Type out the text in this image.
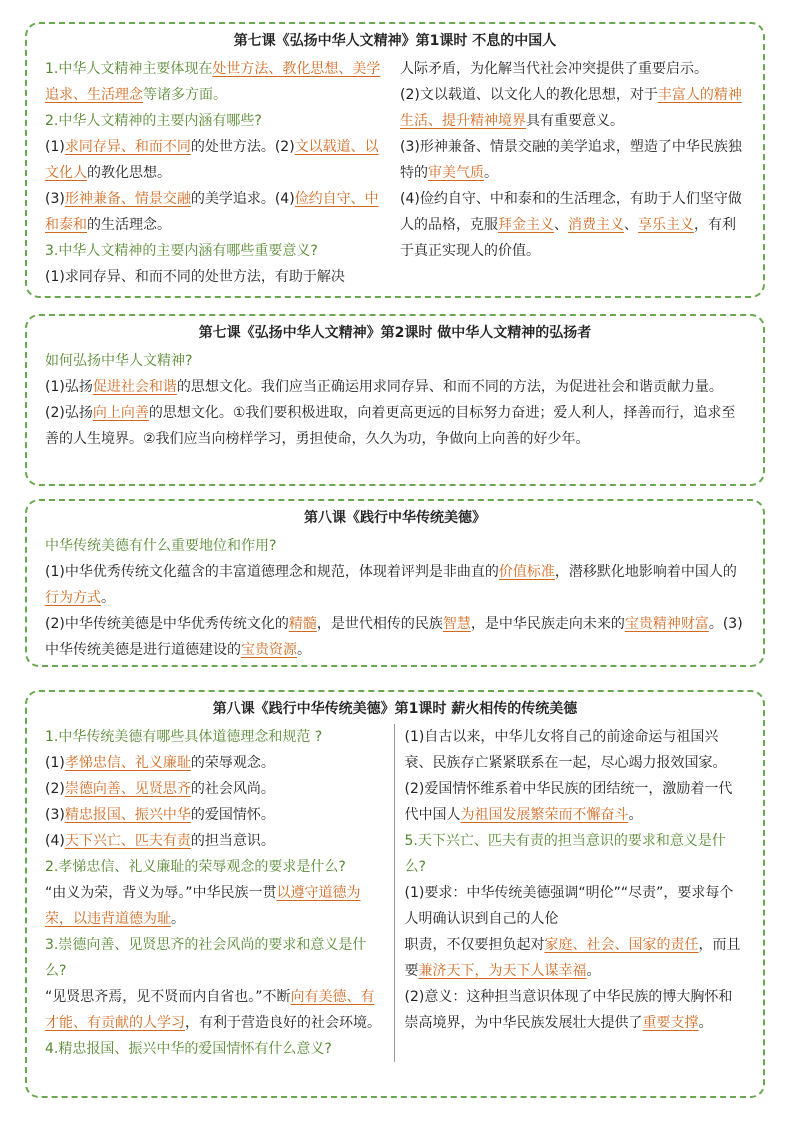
第七课《弘扬中华人文精神》第1课时 不息的中国人

1.中华人文精神主要体现在处世方法、教化思想、美学追求、生活理念等诸多方面。

2.中华人文精神的主要内涵有哪些?

(1)求同存异、和而不同的处世方法。(2)文以载道、以文化人的教化思想。

(3)形神兼备、情景交融的美学追求。(4)俭约自守、中和泰和的生活理念。

3.中华人文精神的主要内涵有哪些重要意义?

(1)求同存异、和而不同的处世方法，有助于解决

人际矛盾，为化解当代社会冲突提供了重要启示。

(2)文以载道、以文化人的教化思想，对于丰富人的精神生活、提升精神境界具有重要意义。

(3)形神兼备、情景交融的美学追求，塑造了中华民族独特的审美气质。

(4)俭约自守、中和泰和的生活理念，有助于人们坚守做人的品格，克服拜金主义、消费主义、享乐主义，有利于真正实现人的价值。

第七课《弘扬中华人文精神》第2课时 做中华人文精神的弘扬者

如何弘扬中华人文精神?

(1)弘扬促进社会和谐的思想文化。我们应当正确运用求同存异、和而不同的方法，为促进社会和谐贡献力量。

(2)弘扬向上向善的思想文化。①我们要积极进取，向着更高更远的目标努力奋进；爱人利人，择善而行，追求至善的人生境界。②我们应当向榜样学习，勇担使命，久久为功，争做向上向善的好少年。

第八课《践行中华传统美德》

中华传统美德有什么重要地位和作用?

(1)中华优秀传统文化蕴含的丰富道德理念和规范，体现着评判是非曲直的价值标准，潜移默化地影响着中国人的行为方式。

(2)中华传统美德是中华优秀传统文化的精髓，是世代相传的民族智慧，是中华民族走向未来的宝贵精神财富。(3)中华传统美德是进行道德建设的宝贵资源。

第八课《践行中华传统美德》第1课时 薪火相传的传统美德

1.中华传统美德有哪些具体道德理念和规范 ?

(1)孝悌忠信、礼义廉耻的荣辱观念。

(2)崇德向善、见贤思齐的社会风尚。

(3)精忠报国、振兴中华的爱国情怀。

(4)天下兴亡、匹夫有责的担当意识。

2.孝悌忠信、礼义廉耻的荣辱观念的要求是什么?

“由义为荣，背义为辱。”中华民族一贯以遵守道德为荣，以违背道德为耻。

3.崇德向善、见贤思齐的社会风尚的要求和意义是什么?

“见贤思齐焉，见不贤而内自省也。”不断向有美德、有才能、有贡献的人学习，有利于营造良好的社会环境。

4.精忠报国、振兴中华的爱国情怀有什么意义?

(1)自古以来，中华儿女将自己的前途命运与祖国兴衰、民族存亡紧紧联系在一起，尽心竭力报效国家。

(2)爱国情怀维系着中华民族的团结统一，激励着一代代中国人为祖国发展繁荣而不懈奋斗。

5.天下兴亡、匹夫有责的担当意识的要求和意义是什么?

(1)要求：中华传统美德强调“明伦”“尽责”，要求每个人明确认识到自己的人伦

职责，不仅要担负起对家庭、社会、国家的责任，而且要兼济天下，为天下人谋幸福。

(2)意义：这种担当意识体现了中华民族的博大胸怀和崇高境界，为中华民族发展壮大提供了重要支撑。
